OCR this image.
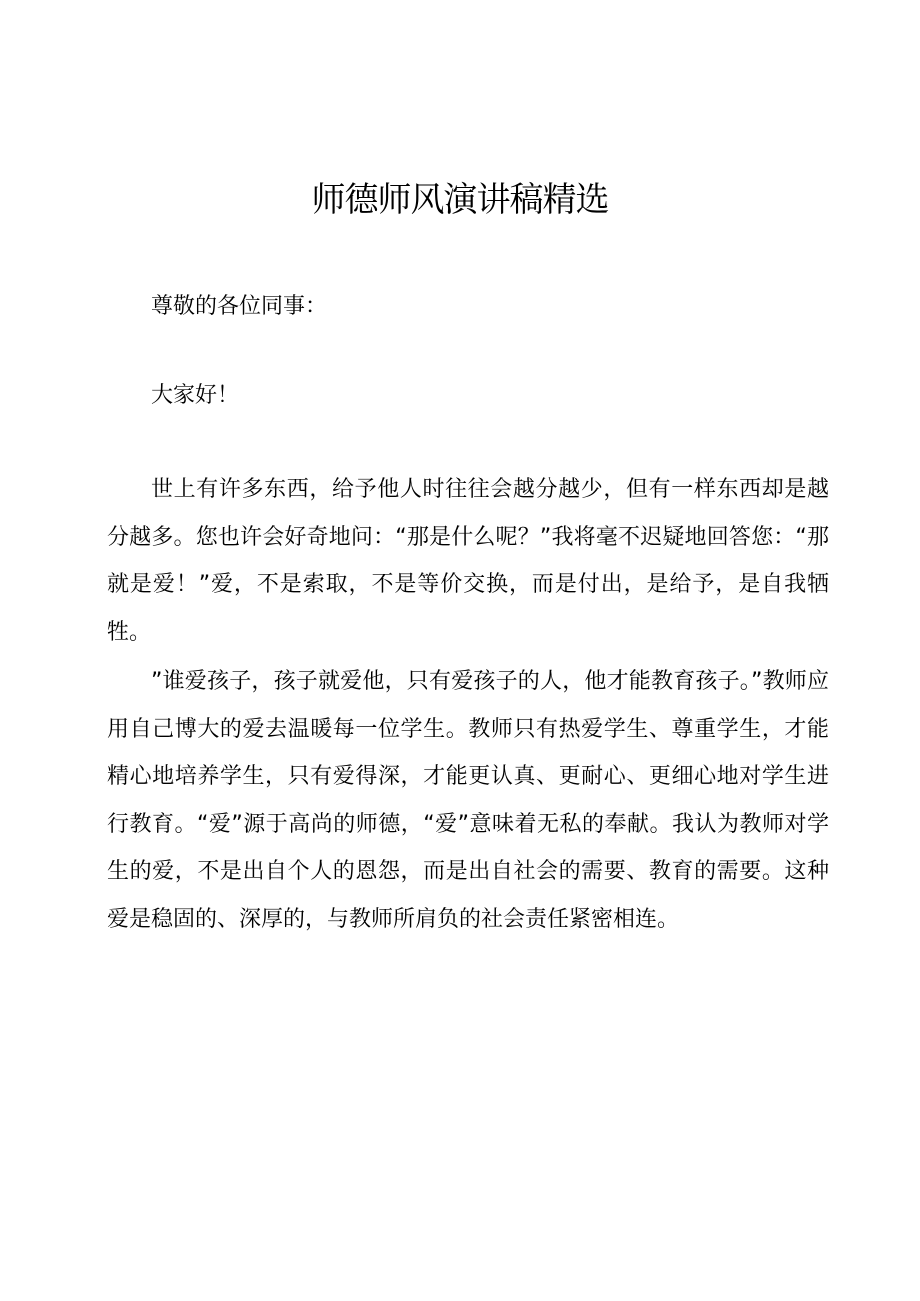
师德师风演讲稿精选

尊敬的各位同事：

大家好！

世上有许多东西，给予他人时往往会越分越少，但有一样东西却是越分越多。您也许会好奇地问：“那是什么呢？”我将毫不迟疑地回答您：“那就是爱！”爱，不是索取，不是等价交换，而是付出，是给予，是自我牺牲。

”谁爱孩子，孩子就爱他，只有爱孩子的人，他才能教育孩子。”教师应用自己博大的爱去温暖每一位学生。教师只有热爱学生、尊重学生，才能精心地培养学生，只有爱得深，才能更认真、更耐心、更细心地对学生进行教育。“爱”源于高尚的师德，“爱”意味着无私的奉献。我认为教师对学生的爱，不是出自个人的恩怨，而是出自社会的需要、教育的需要。这种爱是稳固的、深厚的，与教师所肩负的社会责任紧密相连。
